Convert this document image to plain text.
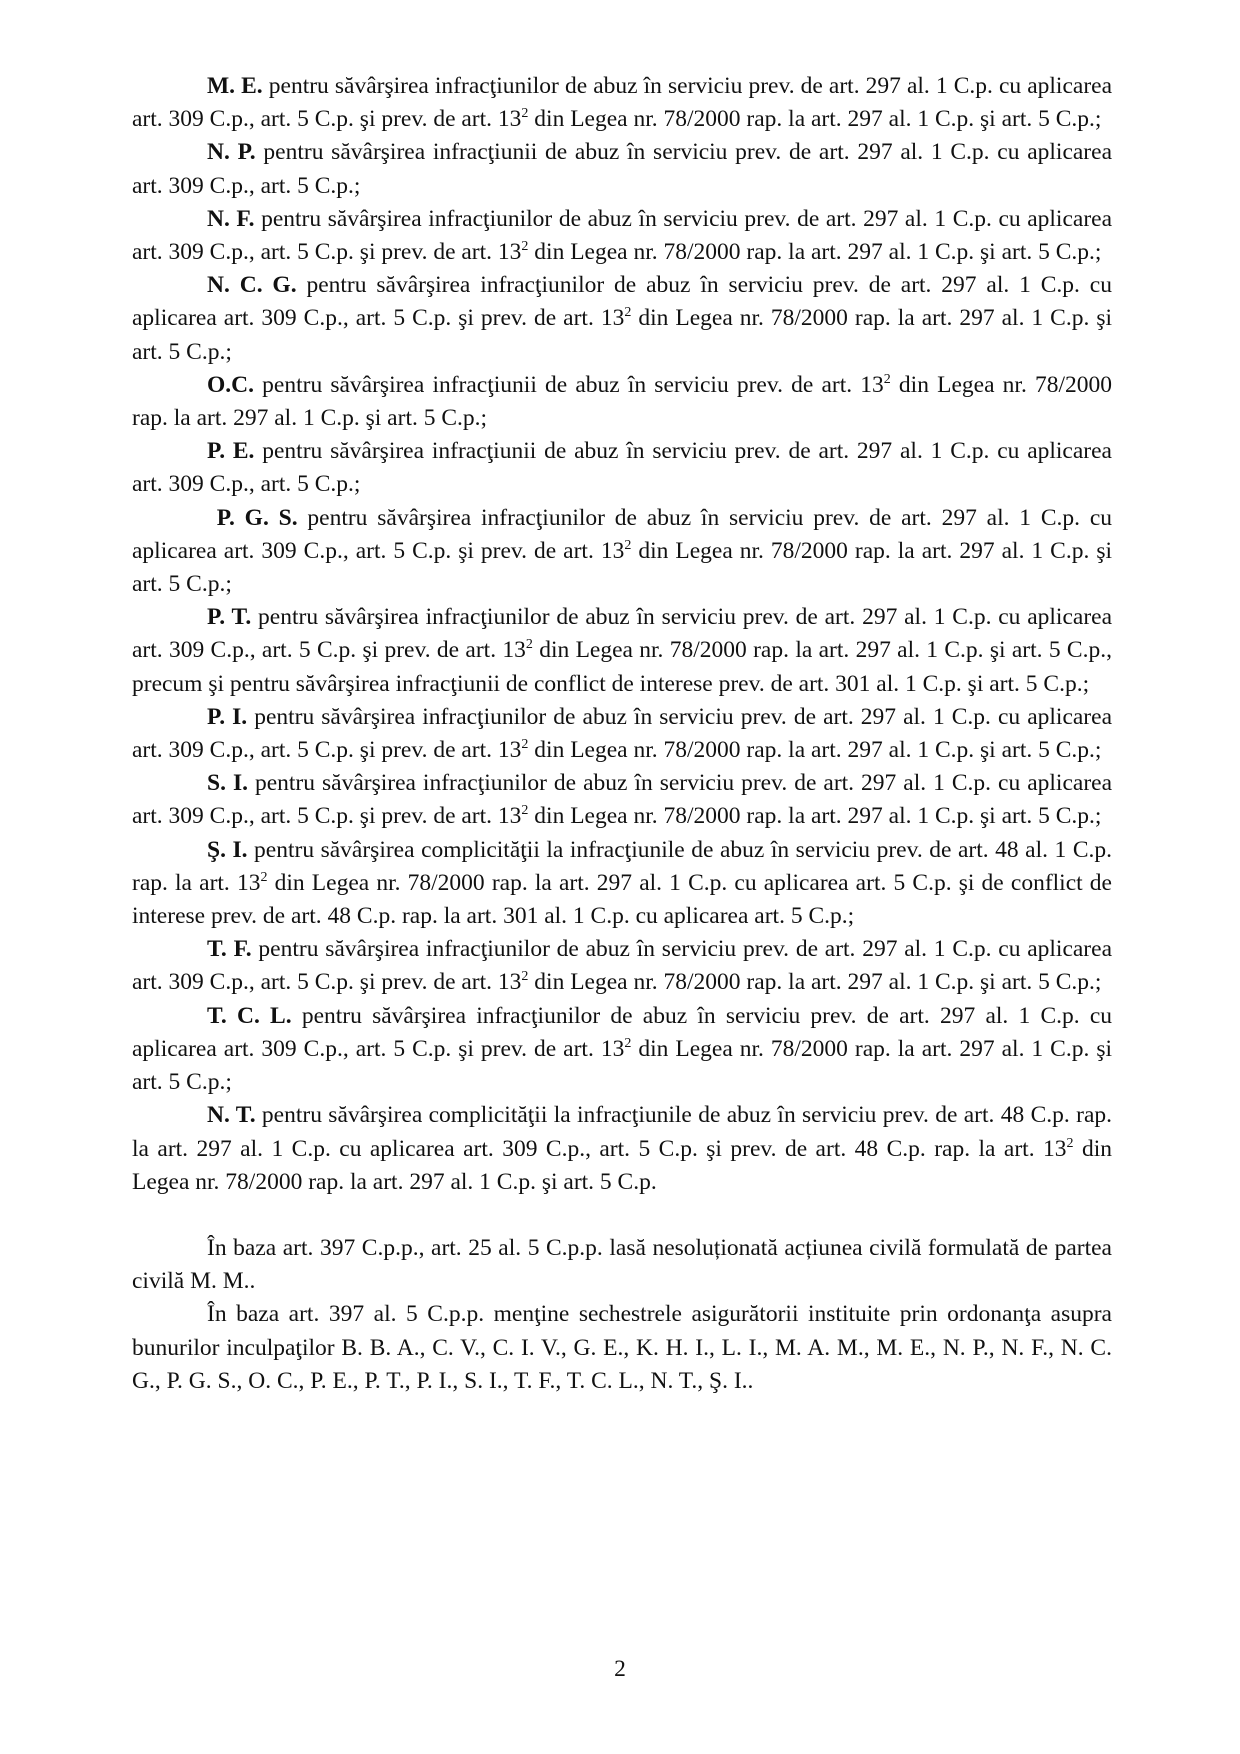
M. E. pentru săvârşirea infracţiunilor de abuz în serviciu prev. de art. 297 al. 1 C.p. cu aplicarea art. 309 C.p., art. 5 C.p. şi prev. de art. $13^2$ din Legea nr. 78/2000 rap. la art. 297 al. 1 C.p. şi art. 5 C.p.;

N. P. pentru săvârşirea infracţiunii de abuz în serviciu prev. de art. 297 al. 1 C.p. cu aplicarea art. 309 C.p., art. 5 C.p.;

N. F. pentru săvârşirea infracţiunilor de abuz în serviciu prev. de art. 297 al. 1 C.p. cu aplicarea art. 309 C.p., art. 5 C.p. şi prev. de art. $13^2$ din Legea nr. 78/2000 rap. la art. 297 al. 1 C.p. şi art. 5 C.p.;

N. C. G. pentru săvârşirea infracţiunilor de abuz în serviciu prev. de art. 297 al. 1 C.p. cu aplicarea art. 309 C.p., art. 5 C.p. şi prev. de art. $13^2$ din Legea nr. 78/2000 rap. la art. 297 al. 1 C.p. şi art. 5 C.p.;

O.C. pentru săvârşirea infracţiunii de abuz în serviciu prev. de art. $13^2$ din Legea nr. 78/2000 rap. la art. 297 al. 1 C.p. şi art. 5 C.p.;

P. E. pentru săvârşirea infracţiunii de abuz în serviciu prev. de art. 297 al. 1 C.p. cu aplicarea art. 309 C.p., art. 5 C.p.;

P. G. S. pentru săvârşirea infracţiunilor de abuz în serviciu prev. de art. 297 al. 1 C.p. cu aplicarea art. 309 C.p., art. 5 C.p. şi prev. de art. $13^2$ din Legea nr. 78/2000 rap. la art. 297 al. 1 C.p. şi art. 5 C.p.;

P. T. pentru săvârşirea infracţiunilor de abuz în serviciu prev. de art. 297 al. 1 C.p. cu aplicarea art. 309 C.p., art. 5 C.p. şi prev. de art. $13^2$ din Legea nr. 78/2000 rap. la art. 297 al. 1 C.p. şi art. 5 C.p., precum şi pentru săvârşirea infracţiunii de conflict de interese prev. de art. 301 al. 1 C.p. şi art. 5 C.p.;

P. I. pentru săvârşirea infracţiunilor de abuz în serviciu prev. de art. 297 al. 1 C.p. cu aplicarea art. 309 C.p., art. 5 C.p. şi prev. de art. $13^2$ din Legea nr. 78/2000 rap. la art. 297 al. 1 C.p. şi art. 5 C.p.;

S. I. pentru săvârşirea infracţiunilor de abuz în serviciu prev. de art. 297 al. 1 C.p. cu aplicarea art. 309 C.p., art. 5 C.p. şi prev. de art. $13^2$ din Legea nr. 78/2000 rap. la art. 297 al. 1 C.p. şi art. 5 C.p.;

Ş. I. pentru săvârşirea complicităţii la infracţiunile de abuz în serviciu prev. de art. 48 al. 1 C.p. rap. la art. $13^2$ din Legea nr. 78/2000 rap. la art. 297 al. 1 C.p. cu aplicarea art. 5 C.p. şi de conflict de interese prev. de art. 48 C.p. rap. la art. 301 al. 1 C.p. cu aplicarea art. 5 C.p.;

T. F. pentru săvârşirea infracţiunilor de abuz în serviciu prev. de art. 297 al. 1 C.p. cu aplicarea art. 309 C.p., art. 5 C.p. şi prev. de art. $13^2$ din Legea nr. 78/2000 rap. la art. 297 al. 1 C.p. şi art. 5 C.p.;

T. C. L. pentru săvârşirea infracţiunilor de abuz în serviciu prev. de art. 297 al. 1 C.p. cu aplicarea art. 309 C.p., art. 5 C.p. şi prev. de art. $13^2$ din Legea nr. 78/2000 rap. la art. 297 al. 1 C.p. şi art. 5 C.p.;

N. T. pentru săvârşirea complicităţii la infracţiunile de abuz în serviciu prev. de art. 48 C.p. rap. la art. 297 al. 1 C.p. cu aplicarea art. 309 C.p., art. 5 C.p. şi prev. de art. 48 C.p. rap. la art. $13^2$ din Legea nr. 78/2000 rap. la art. 297 al. 1 C.p. şi art. 5 C.p.

În baza art. 397 C.p.p., art. 25 al. 5 C.p.p. lasă nesoluționată acțiunea civilă formulată de partea civilă M. M..

În baza art. 397 al. 5 C.p.p. menţine sechestrele asigurătorii instituite prin ordonanţa asupra bunurilor inculpaţilor B. B. A., C. V., C. I. V., G. E., K. H. I., L. I., M. A. M., M. E., N. P., N. F., N. C. G., P. G. S., O. C., P. E., P. T., P. I., S. I., T. F., T. C. L., N. T., Ş. I..

2
